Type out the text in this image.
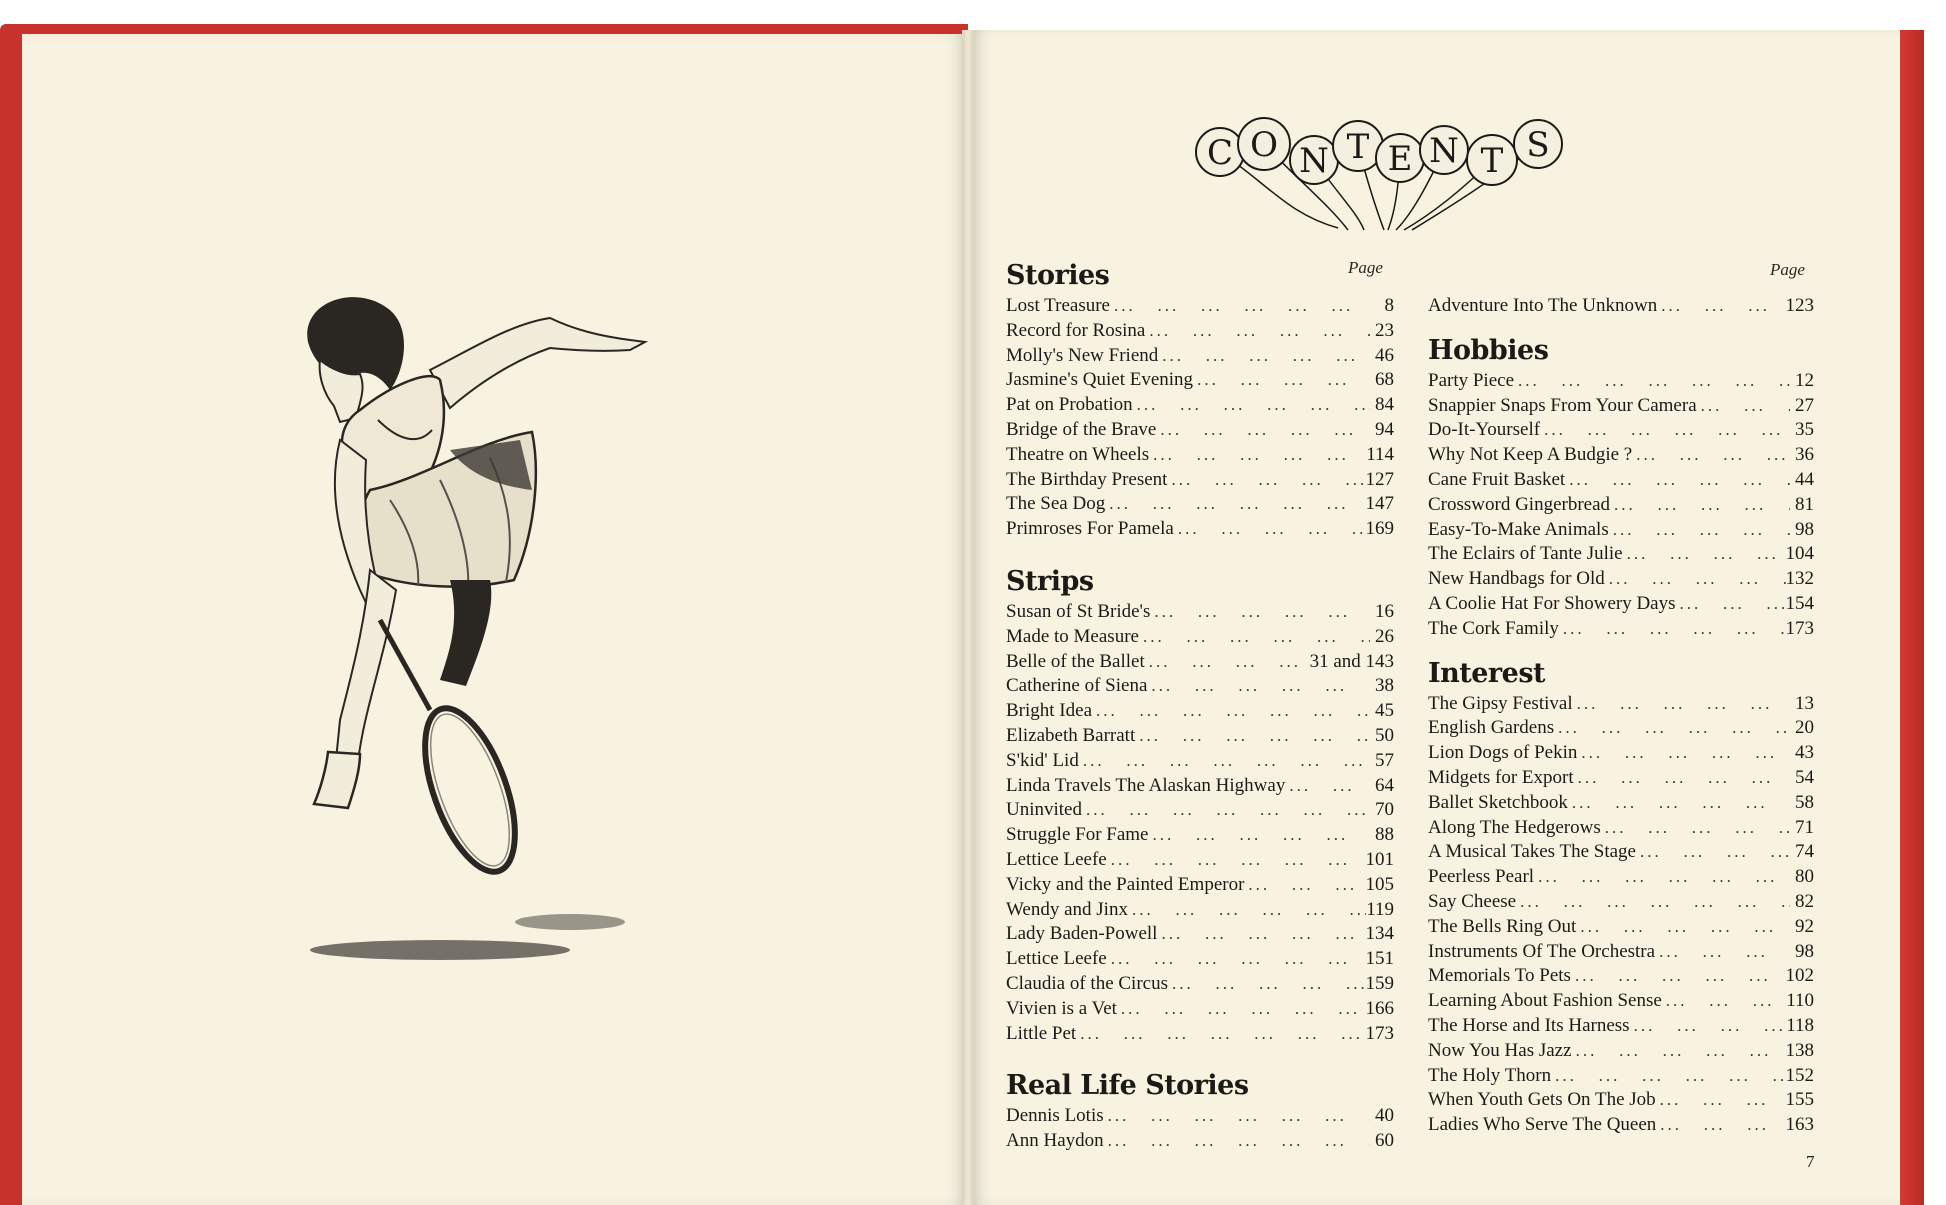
C O N T E N T S
Page	Page
Stories
Lost Treasure ...	8
Record for Rosina ...	23
Molly's New Friend ...	46
Jasmine's Quiet Evening ...	68
Pat on Probation ...	84
Bridge of the Brave ...	94
Theatre on Wheels ...	114
The Birthday Present ...	127
The Sea Dog ...	147
Primroses For Pamela ...	169
Strips
Susan of St Bride's ...	16
Made to Measure ...	26
Belle of the Ballet ...	31 and 143
Catherine of Siena ...	38
Bright Idea ...	45
Elizabeth Barratt ...	50
S'kid' Lid ...	57
Linda Travels The Alaskan Highway ...	64
Uninvited ...	70
Struggle For Fame ...	88
Lettice Leefe ...	101
Vicky and the Painted Emperor ...	105
Wendy and Jinx ...	119
Lady Baden-Powell ...	134
Lettice Leefe ...	151
Claudia of the Circus ...	159
Vivien is a Vet ...	166
Little Pet ...	173
Real Life Stories
Dennis Lotis ...	40
Ann Haydon ...	60
Adventure Into The Unknown ...	123
Hobbies
Party Piece ...	12
Snappier Snaps From Your Camera ...	27
Do-It-Yourself ...	35
Why Not Keep A Budgie ? ...	36
Cane Fruit Basket ...	44
Crossword Gingerbread ...	81
Easy-To-Make Animals ...	98
The Eclairs of Tante Julie ...	104
New Handbags for Old ...	132
A Coolie Hat For Showery Days ...	154
The Cork Family ...	173
Interest
The Gipsy Festival ...	13
English Gardens ...	20
Lion Dogs of Pekin ...	43
Midgets for Export ...	54
Ballet Sketchbook ...	58
Along The Hedgerows ...	71
A Musical Takes The Stage ...	74
Peerless Pearl ...	80
Say Cheese ...	82
The Bells Ring Out ...	92
Instruments Of The Orchestra ...	98
Memorials To Pets ...	102
Learning About Fashion Sense ...	110
The Horse and Its Harness ...	118
Now You Has Jazz ...	138
The Holy Thorn ...	152
When Youth Gets On The Job ...	155
Ladies Who Serve The Queen ...	163
7
